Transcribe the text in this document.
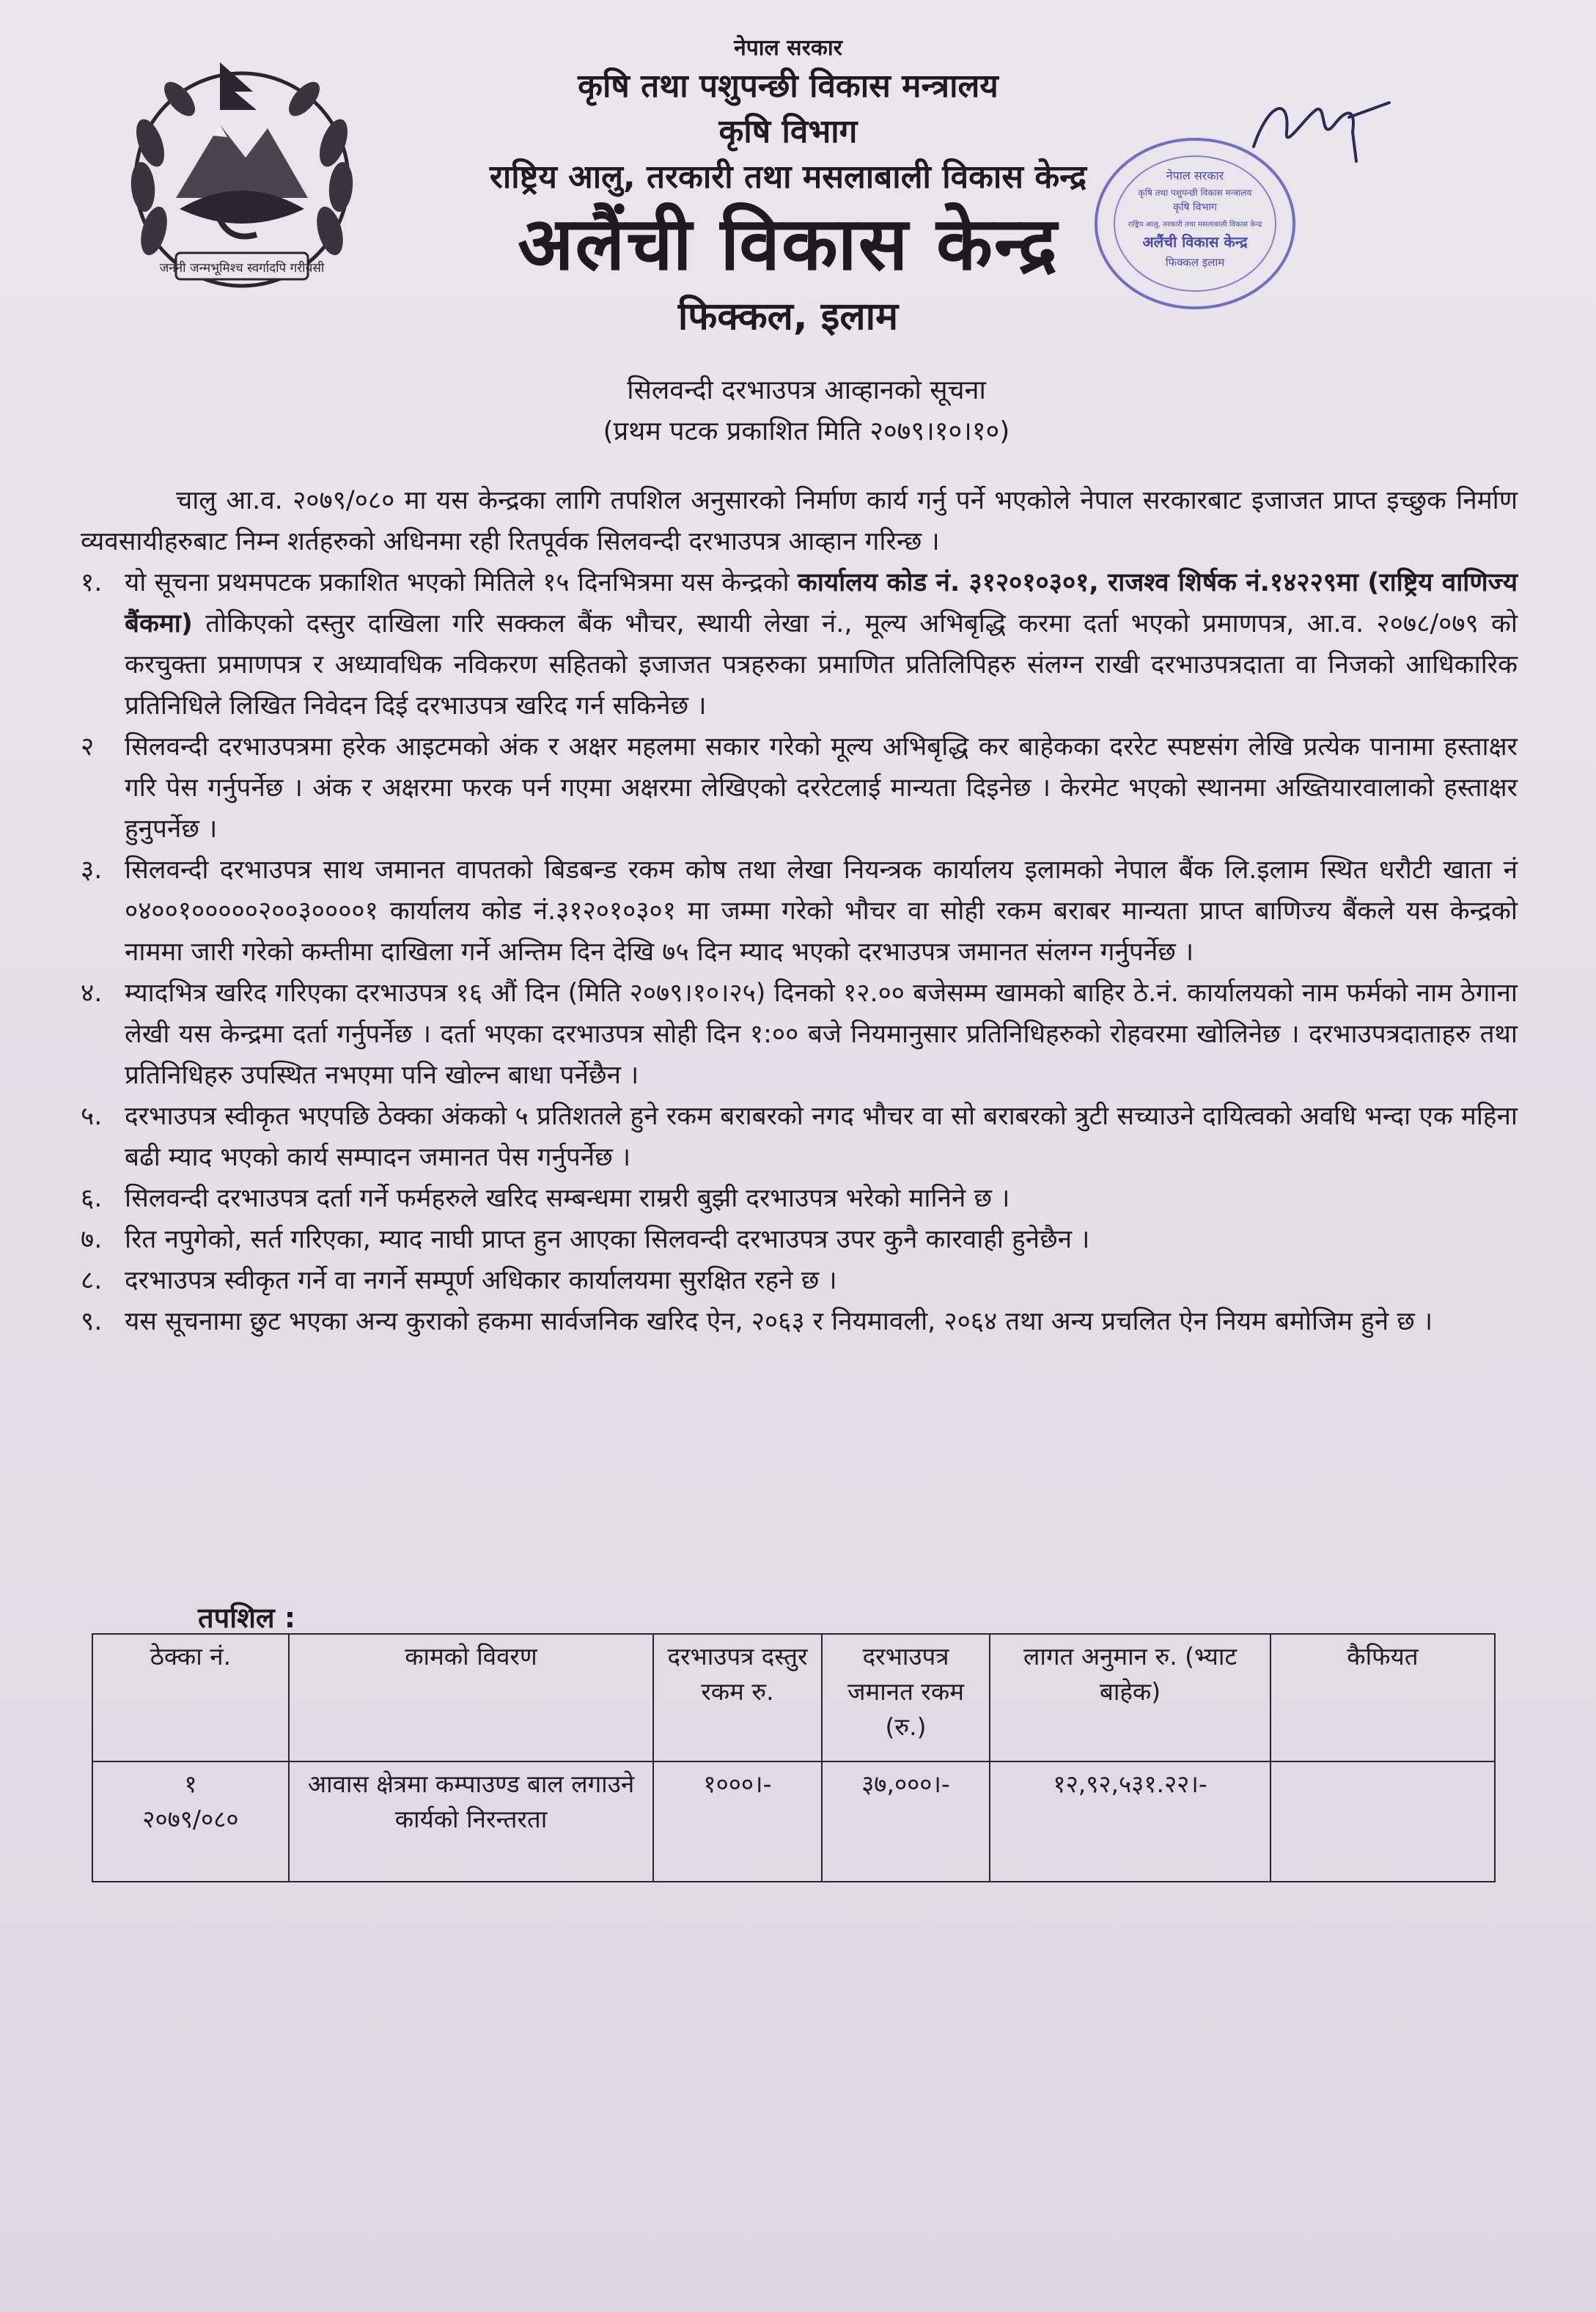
जननी जन्मभूमिश्च स्वर्गादपि गरीयसी

नेपाल सरकार

कृषि तथा पशुपन्छी विकास मन्त्रालय

कृषि विभाग

राष्ट्रिय आलु, तरकारी तथा मसलाबाली विकास केन्द्र

अलैंची विकास केन्द्र

फिक्कल, इलाम

नेपाल सरकार
कृषि तथा पशुपन्छी विकास मन्त्रालय
कृषि विभाग
राष्ट्रिय आलु, तरकारी तथा मसलाबाली विकास केन्द्र
अलैंची विकास केन्द्र
फिक्कल इलाम
सिलवन्दी दरभाउपत्र आव्हानको सूचना
(प्रथम पटक प्रकाशित मिति २०७९।१०।१०)

चालु आ.व. २०७९/०८० मा यस केन्द्रका लागि तपशिल अनुसारको निर्माण कार्य गर्नु पर्ने भएकोले नेपाल सरकारबाट इजाजत प्राप्त इच्छुक निर्माण व्यवसायीहरुबाट निम्न शर्तहरुको अधिनमा रही रितपूर्वक सिलवन्दी दरभाउपत्र आव्हान गरिन्छ ।

१. यो सूचना प्रथमपटक प्रकाशित भएको मितिले १५ दिनभित्रमा यस केन्द्रको कार्यालय कोड नं. ३१२०१०३०१, राजश्व शिर्षक नं.१४२२९मा (राष्ट्रिय वाणिज्य बैंकमा) तोकिएको दस्तुर दाखिला गरि सक्कल बैंक भौचर, स्थायी लेखा नं., मूल्य अभिबृद्धि करमा दर्ता भएको प्रमाणपत्र, आ.व. २०७८/०७९ को करचुक्ता प्रमाणपत्र र अध्यावधिक नविकरण सहितको इजाजत पत्रहरुका प्रमाणित प्रतिलिपिहरु संलग्न राखी दरभाउपत्रदाता वा निजको आधिकारिक प्रतिनिधिले लिखित निवेदन दिई दरभाउपत्र खरिद गर्न सकिनेछ ।
२ सिलवन्दी दरभाउपत्रमा हरेक आइटमको अंक र अक्षर महलमा सकार गरेको मूल्य अभिबृद्धि कर बाहेकका दररेट स्पष्टसंग लेखि प्रत्येक पानामा हस्ताक्षर गरि पेस गर्नुपर्नेछ । अंक र अक्षरमा फरक पर्न गएमा अक्षरमा लेखिएको दररेटलाई मान्यता दिइनेछ । केरमेट भएको स्थानमा अख्तियारवालाको हस्ताक्षर हुनुपर्नेछ ।
३. सिलवन्दी दरभाउपत्र साथ जमानत वापतको बिडबन्ड रकम कोष तथा लेखा नियन्त्रक कार्यालय इलामको नेपाल बैंक लि.इलाम स्थित धरौटी खाता नं ०४००१०००००२००३००००१ कार्यालय कोड नं.३१२०१०३०१ मा जम्मा गरेको भौचर वा सोही रकम बराबर मान्यता प्राप्त बाणिज्य बैंकले यस केन्द्रको नाममा जारी गरेको कम्तीमा दाखिला गर्ने अन्तिम दिन देखि ७५ दिन म्याद भएको दरभाउपत्र जमानत संलग्न गर्नुपर्नेछ ।
४. म्यादभित्र खरिद गरिएका दरभाउपत्र १६ औं दिन (मिति २०७९।१०।२५) दिनको १२.०० बजेसम्म खामको बाहिर ठे.नं. कार्यालयको नाम फर्मको नाम ठेगाना लेखी यस केन्द्रमा दर्ता गर्नुपर्नेछ । दर्ता भएका दरभाउपत्र सोही दिन १:०० बजे नियमानुसार प्रतिनिधिहरुको रोहवरमा खोलिनेछ । दरभाउपत्रदाताहरु तथा प्रतिनिधिहरु उपस्थित नभएमा पनि खोल्न बाधा पर्नेछैन ।
५. दरभाउपत्र स्वीकृत भएपछि ठेक्का अंकको ५ प्रतिशतले हुने रकम बराबरको नगद भौचर वा सो बराबरको त्रुटी सच्याउने दायित्वको अवधि भन्दा एक महिना बढी म्याद भएको कार्य सम्पादन जमानत पेस गर्नुपर्नेछ ।
६. सिलवन्दी दरभाउपत्र दर्ता गर्ने फर्महरुले खरिद सम्बन्धमा राम्ररी बुझी दरभाउपत्र भरेको मानिने छ ।
७. रित नपुगेको, सर्त गरिएका, म्याद नाघी प्राप्त हुन आएका सिलवन्दी दरभाउपत्र उपर कुनै कारवाही हुनेछैन ।
८. दरभाउपत्र स्वीकृत गर्ने वा नगर्ने सम्पूर्ण अधिकार कार्यालयमा सुरक्षित रहने छ ।
९. यस सूचनामा छुट भएका अन्य कुराको हकमा सार्वजनिक खरिद ऐन, २०६३ र नियमावली, २०६४ तथा अन्य प्रचलित ऐन नियम बमोजिम हुने छ ।
तपशिल :
ठेक्का नं.	कामको विवरण	दरभाउपत्र दस्तुर रकम रु.	दरभाउपत्र जमानत रकम (रु.)	लागत अनुमान रु. (भ्याट बाहेक)	कैफियत

१
२०७९/०८०	आवास क्षेत्रमा कम्पाउण्ड बाल लगाउने कार्यको निरन्तरता	१०००।-	३७,०००।-	१२,९२,५३१.२२।-	
